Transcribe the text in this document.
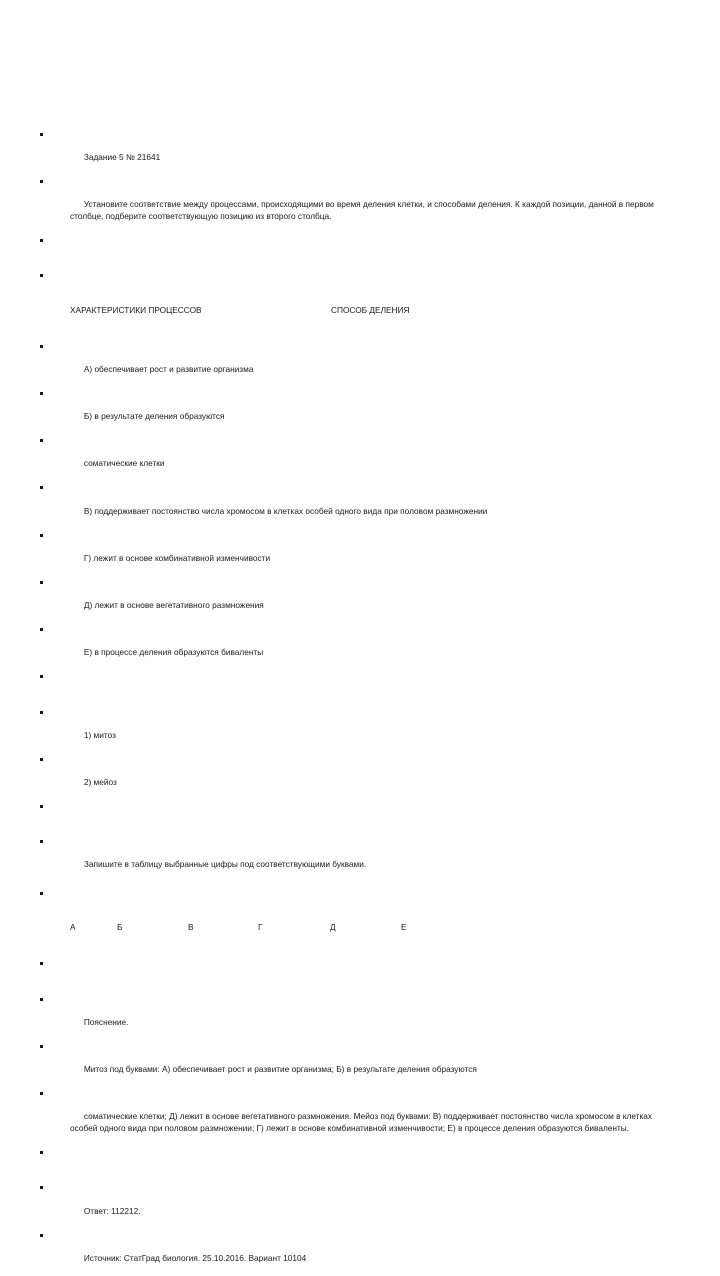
Задание 5 № 21641

Установите соответствие между процессами, происходящими во время деления клетки, и способами деления. К каждой позиции, данной в первом столбце, подберите соответствующую позицию из второго столбца.

ХАРАКТЕРИСТИКИ ПРОЦЕССОВ	СПОСОБ ДЕЛЕНИЯ

А) обеспечивает рост и развитие организма

Б) в результате деления образуются

соматические клетки

В) поддерживает постоянство числа хромосом в клетках особей одного вида при половом размножении

Г) лежит в основе комбинативной изменчивости

Д) лежит в основе вегетативного размножения

Е) в процессе деления образуются биваленты

1) митоз

2) мейоз

Запишите в таблицу выбранные цифры под соответствующими буквами.

А	Б	В	Г	Д	Е

Пояснение.

Митоз под буквами: А) обеспечивает рост и развитие организма; Б) в результате деления образуются

соматические клетки; Д) лежит в основе вегетативного размножения. Мейоз под буквами: В) поддерживает постоянство числа хромосом в клетках особей одного вида при половом размножении; Г) лежит в основе комбинативной изменчивости; Е) в процессе деления образуются биваленты.

Ответ: 112212.

Источник: СтатГрад биология. 25.10.2016. Вариант 10104
